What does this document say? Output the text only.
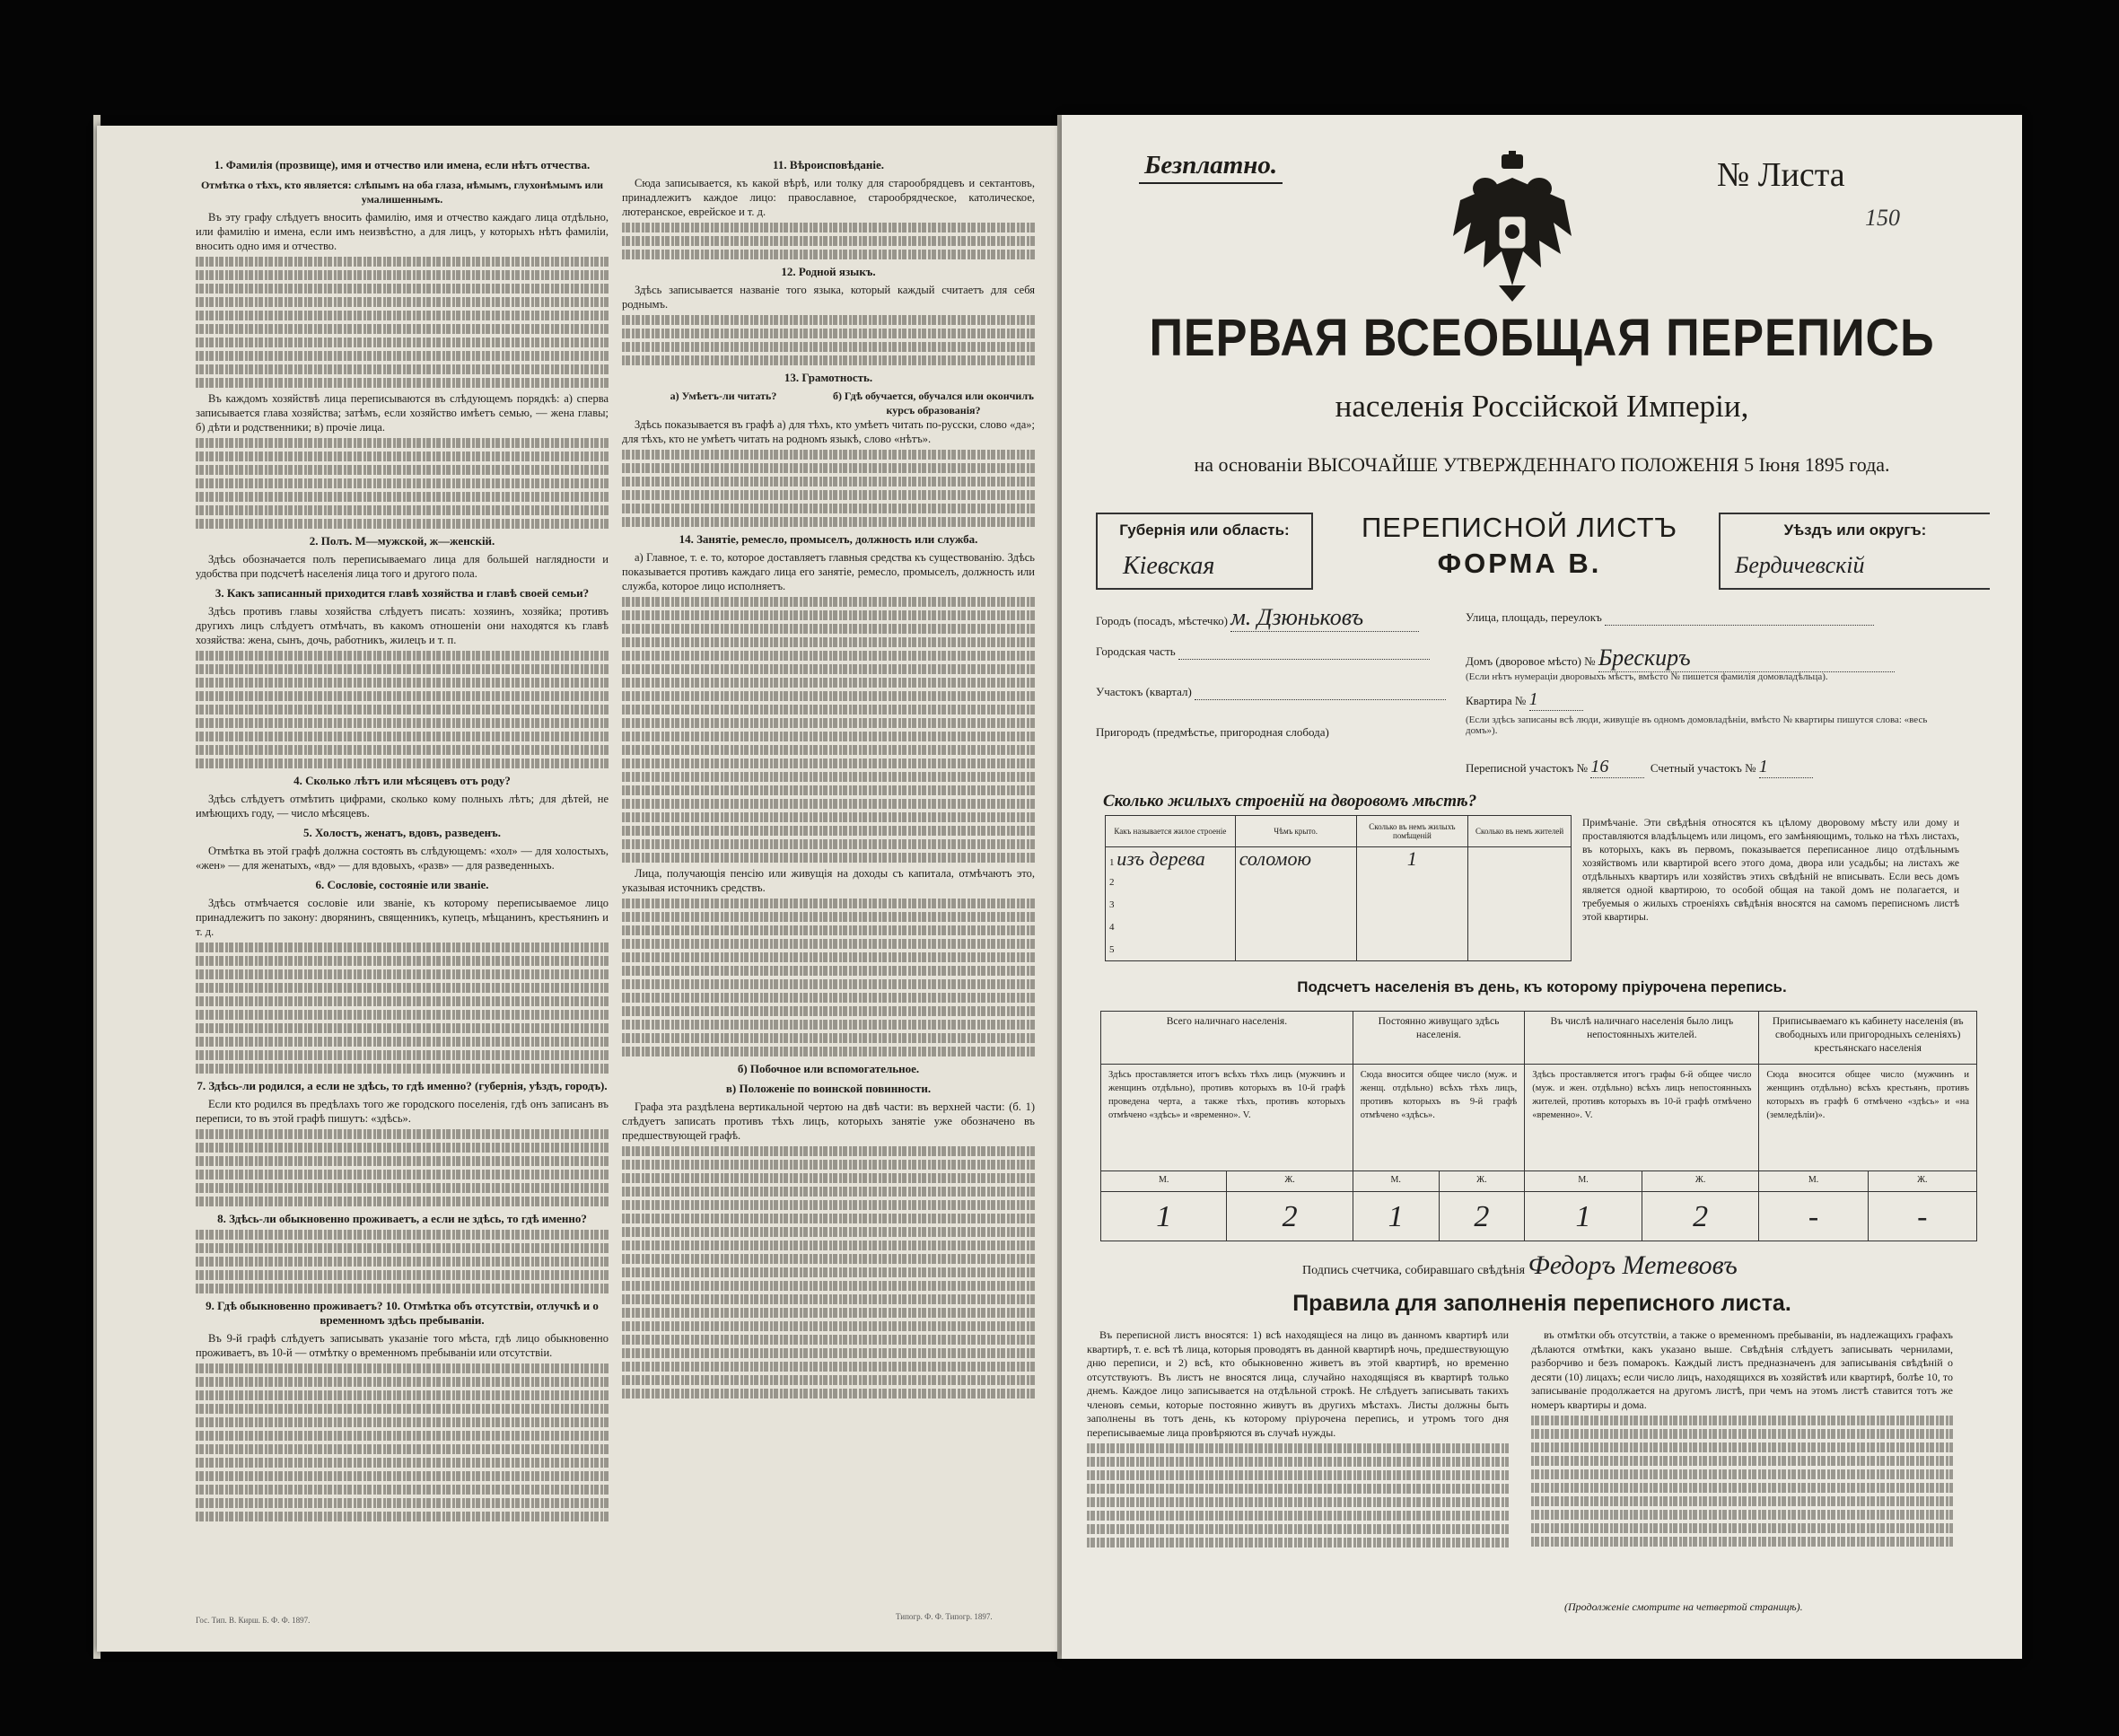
1. Фамилія (прозвище), имя и отчество или имена, если нѣтъ отчества.
Отмѣтка о тѣхъ, кто является: слѣпымъ на оба глаза, нѣмымъ, глухонѣмымъ или умалишеннымъ.

Въ эту графу слѣдуетъ вносить фамилію, имя и отчество каждаго лица отдѣльно, или фамилію и имена, если имъ неизвѣстно, а для лицъ, у которыхъ нѣтъ фамиліи, вносить одно имя и отчество.

Въ каждомъ хозяйствѣ лица переписываются въ слѣдующемъ порядкѣ: а) сперва записывается глава хозяйства; затѣмъ, если хозяйство имѣетъ семью, — жена главы; б) дѣти и родственники; в) прочіе лица.

2. Полъ. М—мужской, ж—женскій.

Здѣсь обозначается полъ переписываемаго лица для большей наглядности и удобства при подсчетѣ населенія лица того и другого пола.

3. Какъ записанный приходится главѣ хозяйства и главѣ своей семьи?

Здѣсь противъ главы хозяйства слѣдуетъ писать: хозяинъ, хозяйка; противъ другихъ лицъ слѣдуетъ отмѣчать, въ какомъ отношеніи они находятся къ главѣ хозяйства: жена, сынъ, дочь, работникъ, жилецъ и т. п.

4. Сколько лѣтъ или мѣсяцевъ отъ роду?

Здѣсь слѣдуетъ отмѣтить цифрами, сколько кому полныхъ лѣтъ; для дѣтей, не имѣющихъ году, — число мѣсяцевъ.

5. Холостъ, женатъ, вдовъ, разведенъ.

Отмѣтка въ этой графѣ должна состоять въ слѣдующемъ: «хол» — для холостыхъ, «жен» — для женатыхъ, «вд» — для вдовыхъ, «разв» — для разведенныхъ.

6. Сословіе, состояніе или званіе.

Здѣсь отмѣчается сословіе или званіе, къ которому переписываемое лицо принадлежитъ по закону: дворянинъ, священникъ, купецъ, мѣщанинъ, крестьянинъ и т. д.

7. Здѣсь-ли родился, а если не здѣсь, то гдѣ именно? (губернія, уѣздъ, городъ).

Если кто родился въ предѣлахъ того же городского поселенія, гдѣ онъ записанъ въ переписи, то въ этой графѣ пишутъ: «здѣсь».

8. Здѣсь-ли обыкновенно проживаетъ, а если не здѣсь, то гдѣ именно?
9. Гдѣ обыкновенно проживаетъ? 10. Отмѣтка объ отсутствіи, отлучкѣ и о временномъ здѣсь пребываніи.

Въ 9-й графѣ слѣдуетъ записывать указаніе того мѣста, гдѣ лицо обыкновенно проживаетъ, въ 10-й — отмѣтку о временномъ пребываніи или отсутствіи.

11. Вѣроисповѣданіе.

Сюда записывается, къ какой вѣрѣ, или толку для старообрядцевъ и сектантовъ, принадлежитъ каждое лицо: православное, старообрядческое, католическое, лютеранское, еврейское и т. д.

12. Родной языкъ.

Здѣсь записывается названіе того языка, который каждый считаетъ для себя роднымъ.

13. Грамотность.
а) Умѣетъ-ли читать?	б) Гдѣ обучается, обучался или окончилъ курсъ образованія?

Здѣсь показывается въ графѣ а) для тѣхъ, кто умѣетъ читать по-русски, слово «да»; для тѣхъ, кто не умѣетъ читать на родномъ языкѣ, слово «нѣтъ».

14. Занятіе, ремесло, промыселъ, должность или служба.

а) Главное, т. е. то, которое доставляетъ главныя средства къ существованію. Здѣсь показывается противъ каждаго лица его занятіе, ремесло, промыселъ, должность или служба, которое лицо исполняетъ.

Лица, получающія пенсію или живущія на доходы съ капитала, отмѣчаютъ это, указывая источникъ средствъ.

б) Побочное или вспомогательное.
в) Положеніе по воинской повинности.

Графа эта раздѣлена вертикальной чертою на двѣ части: въ верхней части: (б. 1) слѣдуетъ записать противъ тѣхъ лицъ, которыхъ занятіе уже обозначено въ предшествующей графѣ.

Гос. Тип. В. Кирш. Б. Ф. Ф. 1897.	Типогр. Ф. Ф. Типогр. 1897.
Безплатно.	№ Листа
150
ПЕРВАЯ ВСЕОБЩАЯ ПЕРЕПИСЬ
населенія Россійской Имперіи,
на основаніи ВЫСОЧАЙШЕ УТВЕРЖДЕННАГО ПОЛОЖЕНІЯ 5 Іюня 1895 года.
Губернія или область:
Кіевская
ПЕРЕПИСНОЙ ЛИСТЪ
ФОРМА В.
Уѣздъ или округъ:
Бердичевскій
Городъ (посадъ, мѣстечко) м. Дзюньковъ
Городская часть
Участокъ (квартал)
Пригородъ (предмѣстье, пригородная слобода)
Улица, площадь, переулокъ
Домъ (дворовое мѣсто) № Брескиръ
(Если нѣтъ нумераціи дворовыхъ мѣстъ, вмѣсто № пишется фамилія домовладѣльца).
Квартира № 1
(Если здѣсь записаны всѣ люди, живущіе въ одномъ домовладѣніи, вмѣсто № квартиры пишутся слова: «весь домъ»).
Переписной участокъ № 16	Счетный участокъ № 1
Сколько жилыхъ строеній на дворовомъ мѣстѣ?
Какъ называется жилое строеніе	Чѣмъ крыто.	Сколько въ немъ жилыхъ помѣщеній	Сколько въ немъ жителей
1 изъ дерева	соломою	1	
2			
3			
4			
5			
Примѣчаніе. Эти свѣдѣнія относятся къ цѣлому дворовому мѣсту или дому и проставляются владѣльцемъ или лицомъ, его замѣняющимъ, только на тѣхъ листахъ, въ которыхъ, какъ въ первомъ, показывается переписанное лицо отдѣльнымъ хозяйствомъ или квартирой всего этого дома, двора или усадьбы; на листахъ же отдѣльныхъ квартиръ или хозяйствъ этихъ свѣдѣній не вписывать. Если весь домъ является одной квартирою, то особой общая на такой домъ не полагается, и требуемыя о жилыхъ строеніяхъ свѣдѣнія вносятся на самомъ переписномъ листѣ этой квартиры.
Подсчетъ населенія въ день, къ которому пріурочена перепись.
Всего наличнаго населенія.		Постоянно живущаго здѣсь населенія.		Въ числѣ наличнаго населенія было лицъ непостоянныхъ жителей.		Приписываемаго къ кабинету населенія (въ свободныхъ или пригородныхъ селеніяхъ) крестьянскаго населенія	
Здѣсь проставляется итогъ всѣхъ тѣхъ лицъ (мужчинъ и женщинъ отдѣльно), противъ которыхъ въ 10-й графѣ проведена черта, а также тѣхъ, противъ которыхъ отмѣчено «здѣсь» и «временно». V.		Сюда вносится общее число (муж. и женщ. отдѣльно) всѣхъ тѣхъ лицъ, противъ которыхъ въ 9-й графѣ отмѣчено «здѣсь».		Здѣсь проставляется итогъ графы 6-й общее число (муж. и жен. отдѣльно) всѣхъ лицъ непостоянныхъ жителей, противъ которыхъ въ 10-й графѣ отмѣчено «временно». V.		Сюда вносится общее число (мужчинъ и женщинъ отдѣльно) всѣхъ крестьянъ, противъ которыхъ въ графѣ 6 отмѣчено «здѣсь» и «на (земледѣліи)».	
М.	Ж.	М.	Ж.	М.	Ж.	М.	Ж.
1	2	1	2	1	2	-	-
Подпись счетчика, собиравшаго свѣдѣнія Федоръ Метевовъ
Правила для заполненія переписного листа.

Въ переписной листъ вносятся: 1) всѣ находящіеся на лицо въ данномъ квартирѣ или квартирѣ, т. е. всѣ тѣ лица, которыя проводятъ въ данной квартирѣ ночь, предшествующую дню переписи, и 2) всѣ, кто обыкновенно живетъ въ этой квартирѣ, но временно отсутствуютъ. Въ листъ не вносятся лица, случайно находящіяся въ квартирѣ только днемъ. Каждое лицо записывается на отдѣльной строкѣ. Не слѣдуетъ записывать такихъ членовъ семьи, которые постоянно живутъ въ другихъ мѣстахъ. Листы должны быть заполнены въ тотъ день, къ которому пріурочена перепись, и утромъ того дня переписываемые лица провѣряются въ случаѣ нужды.

въ отмѣтки объ отсутствіи, а также о временномъ пребываніи, въ надлежащихъ графахъ дѣлаются отмѣтки, какъ указано выше. Свѣдѣнія слѣдуетъ записывать чернилами, разборчиво и безъ помарокъ. Каждый листъ предназначенъ для записыванія свѣдѣній о десяти (10) лицахъ; если число лицъ, находящихся въ хозяйствѣ или квартирѣ, болѣе 10, то записываніе продолжается на другомъ листѣ, при чемъ на этомъ листѣ ставится тотъ же номеръ квартиры и дома.

(Продолженіе смотрите на четвертой страницѣ).
